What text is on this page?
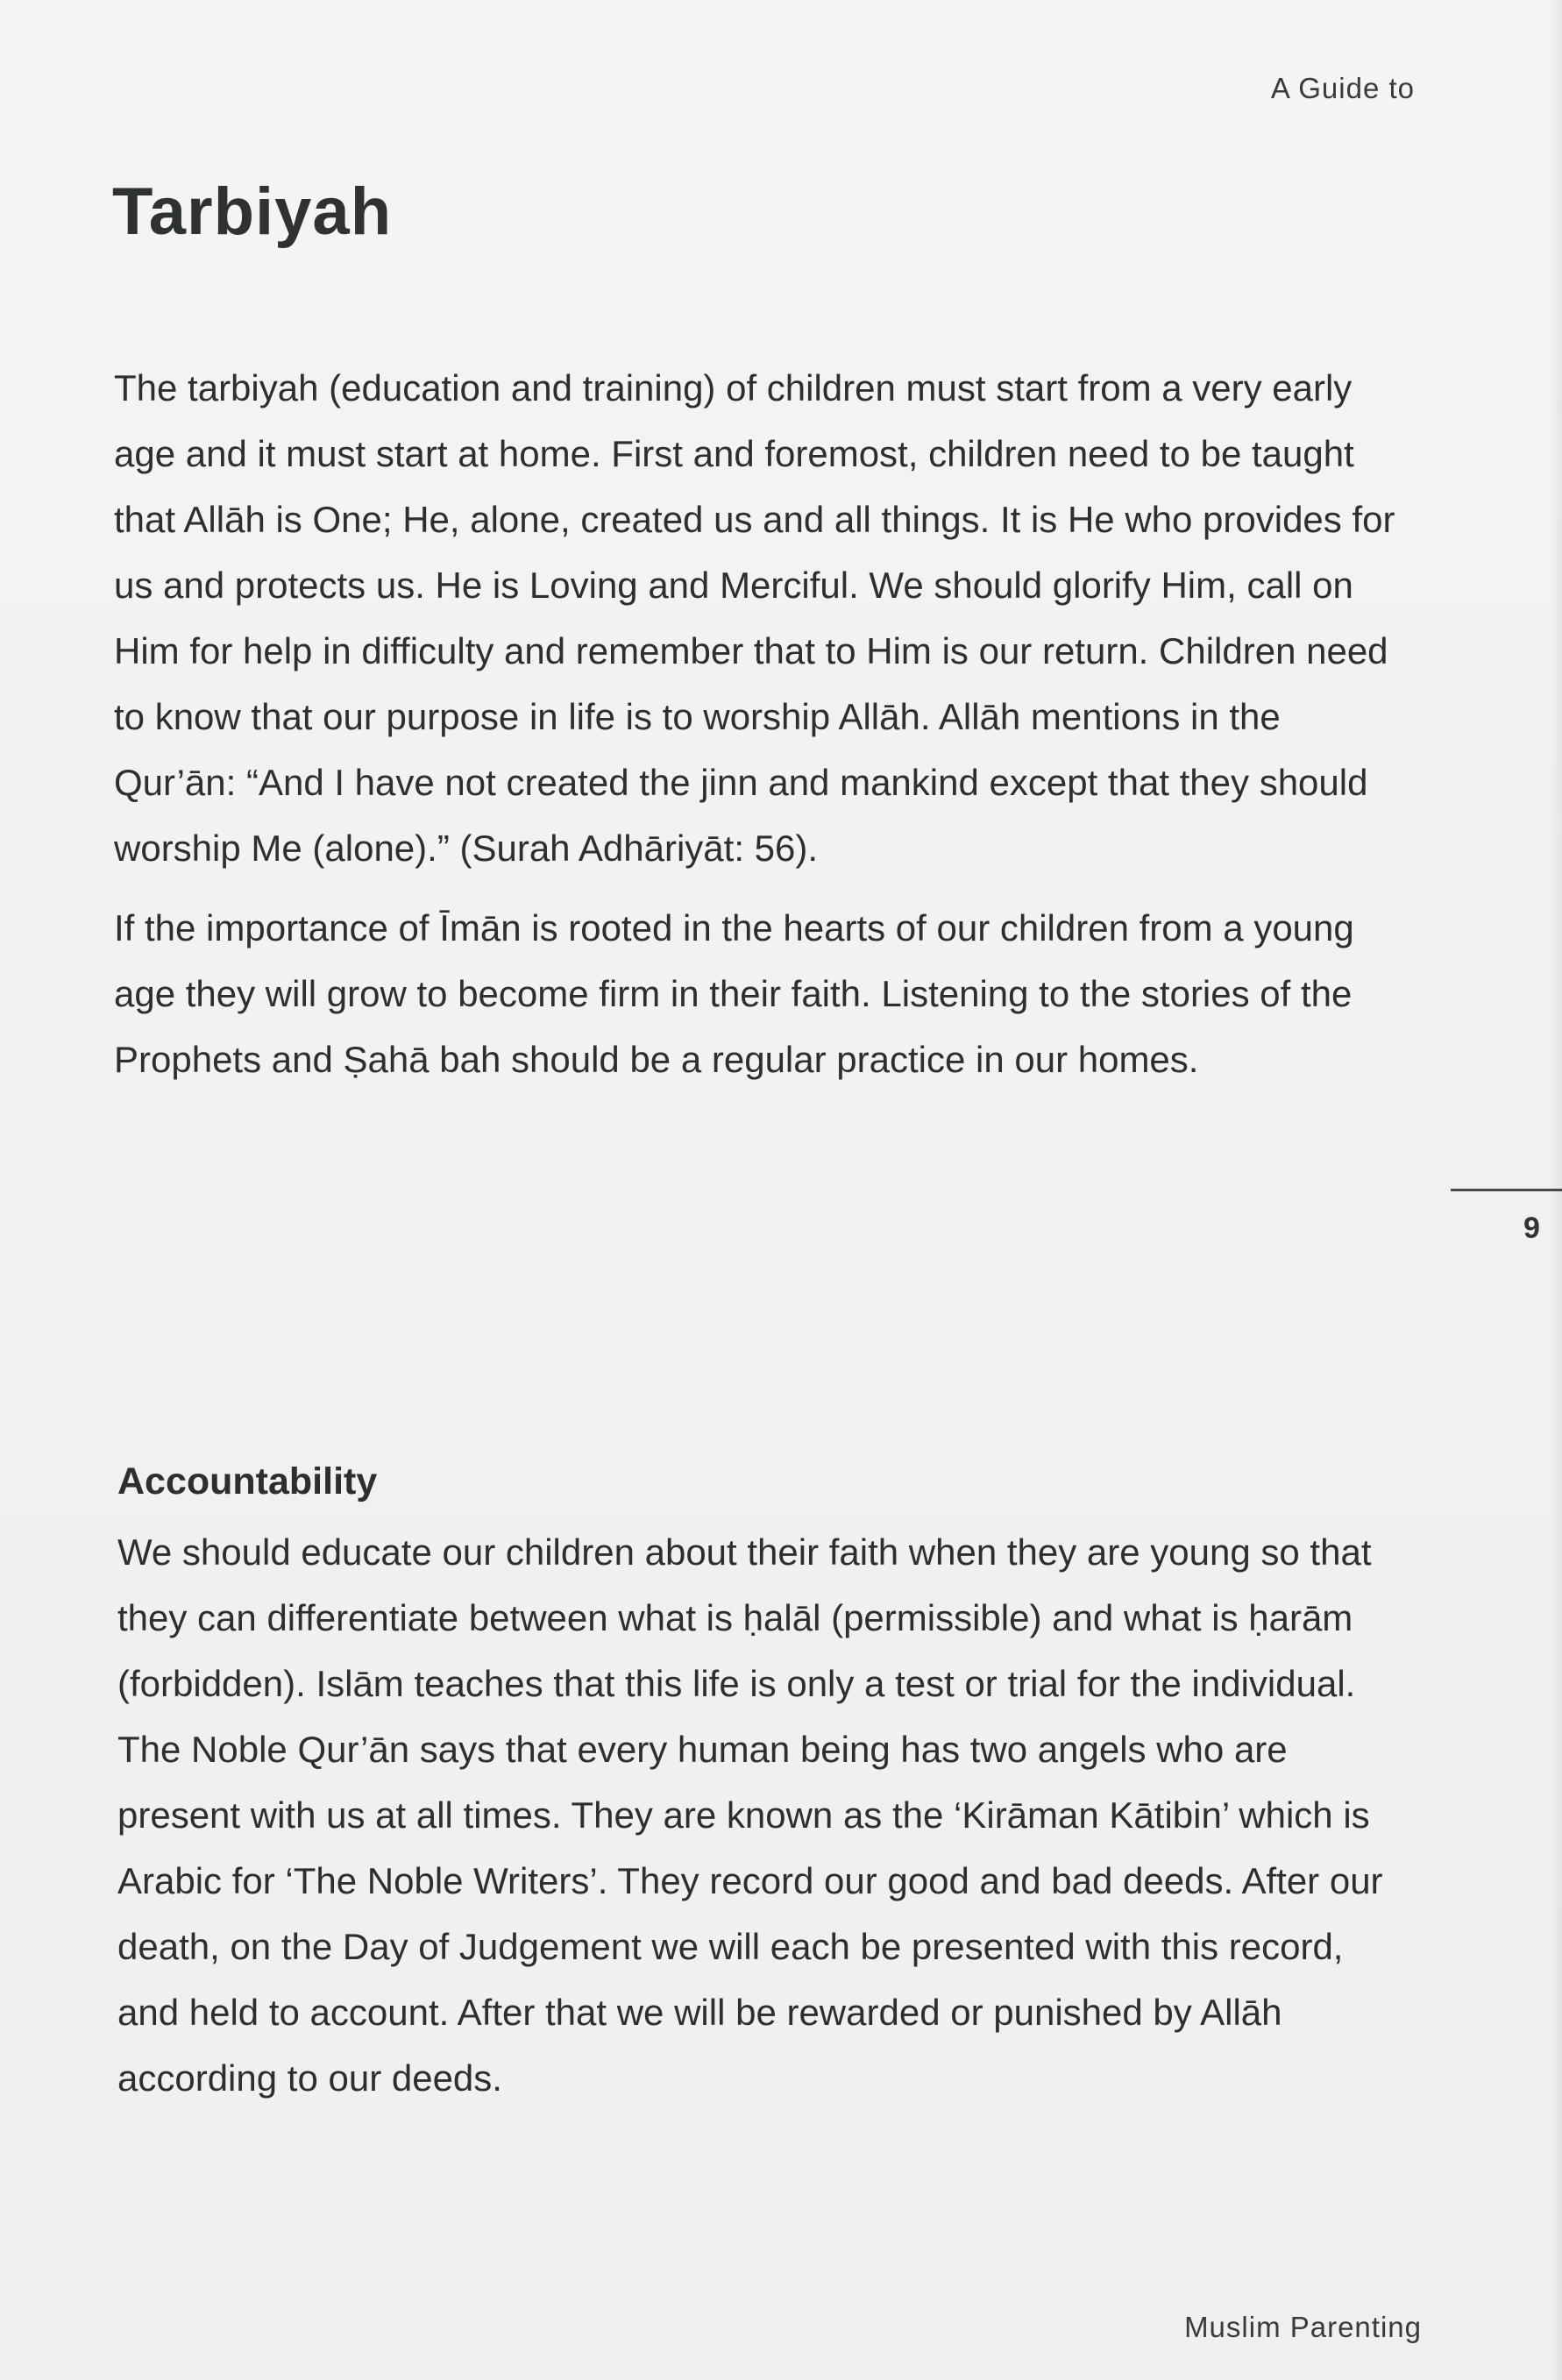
A Guide to
Tarbiyah

The tarbiyah (education and training) of children must start from a very early age and it must start at home. First and foremost, children need to be taught that Allāh is One; He, alone, created us and all things. It is He who provides for us and protects us. He is Loving and Merciful. We should glorify Him, call on Him for help in difficulty and remember that to Him is our return. Children need to know that our purpose in life is to worship Allāh. Allāh mentions in the Qur’ān: “And I have not created the jinn and mankind except that they should worship Me (alone).” (Surah Adhāriyāt: 56).

If the importance of Īmān is rooted in the hearts of our children from a young age they will grow to become firm in their faith. Listening to the stories of the Prophets and Ṣahā bah should be a regular practice in our homes.

Accountability

We should educate our children about their faith when they are young so that they can differentiate between what is ḥalāl (permissible) and what is ḥarām (forbidden). Islām teaches that this life is only a test or trial for the individual. The Noble Qur’ān says that every human being has two angels who are present with us at all times. They are known as the ‘Kirāman Kātibin’ which is Arabic for ‘The Noble Writers’. They record our good and bad deeds. After our death, on the Day of Judgement we will each be presented with this record, and held to account. After that we will be rewarded or punished by Allāh according to our deeds.

9
Muslim Parenting
